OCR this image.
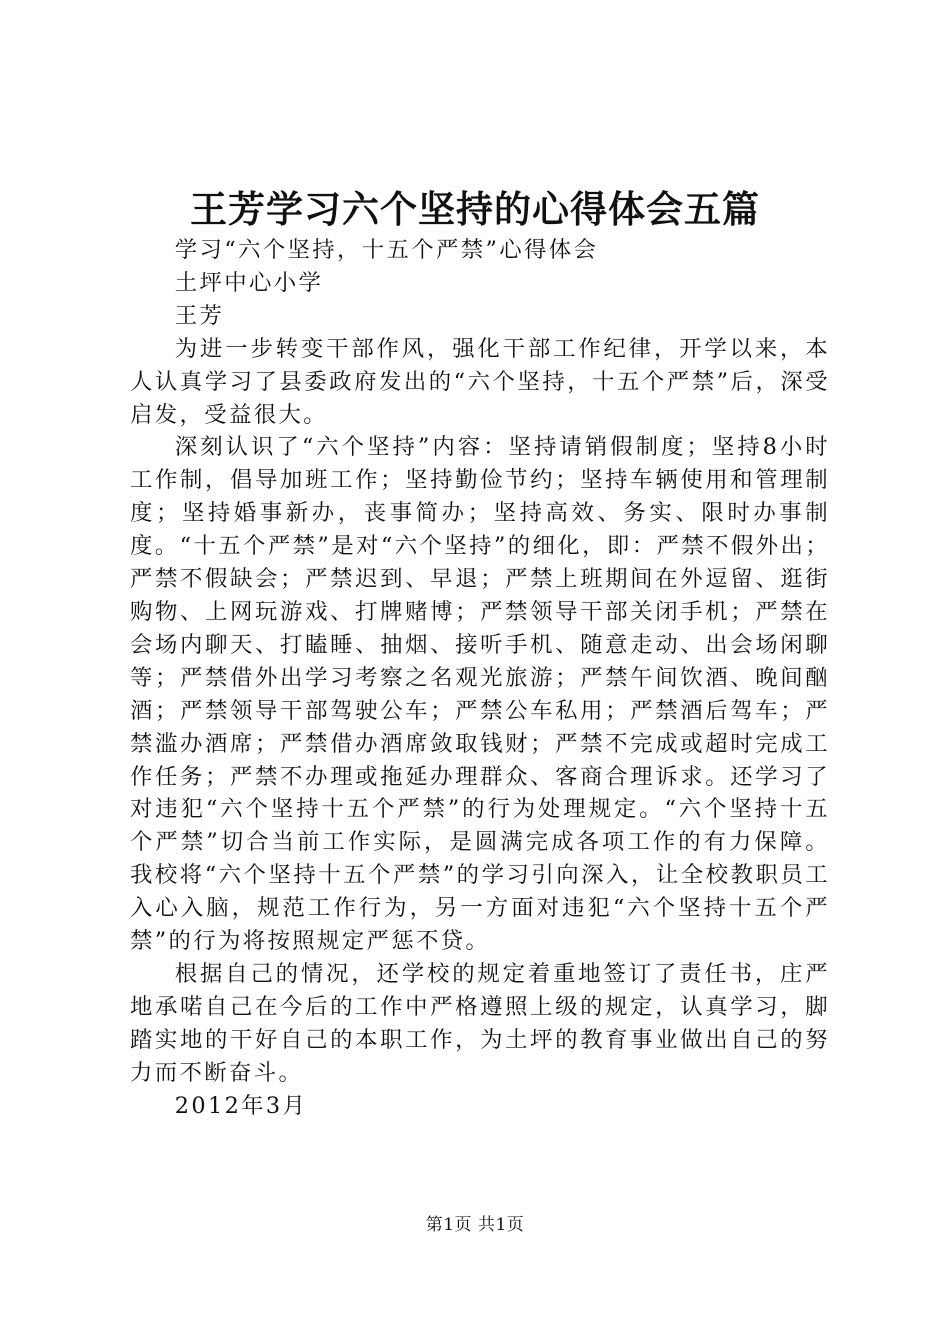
王芳学习六个坚持的心得体会五篇

学习“六个坚持，十五个严禁”心得体会

土坪中心小学

王芳

为进一步转变干部作风，强化干部工作纪律，开学以来，本人认真学习了县委政府发出的“六个坚持，十五个严禁”后，深受启发，受益很大。

深刻认识了“六个坚持”内容：坚持请销假制度；坚持8小时工作制，倡导加班工作；坚持勤俭节约；坚持车辆使用和管理制度；坚持婚事新办，丧事简办；坚持高效、务实、限时办事制度。“十五个严禁”是对“六个坚持”的细化，即：严禁不假外出；严禁不假缺会；严禁迟到、早退；严禁上班期间在外逗留、逛街购物、上网玩游戏、打牌赌博；严禁领导干部关闭手机；严禁在会场内聊天、打瞌睡、抽烟、接听手机、随意走动、出会场闲聊等；严禁借外出学习考察之名观光旅游；严禁午间饮酒、晚间酗酒；严禁领导干部驾驶公车；严禁公车私用；严禁酒后驾车；严禁滥办酒席；严禁借办酒席敛取钱财；严禁不完成或超时完成工作任务；严禁不办理或拖延办理群众、客商合理诉求。还学习了对违犯“六个坚持十五个严禁”的行为处理规定。“六个坚持十五个严禁”切合当前工作实际，是圆满完成各项工作的有力保障。我校将“六个坚持十五个严禁”的学习引向深入，让全校教职员工入心入脑，规范工作行为，另一方面对违犯“六个坚持十五个严禁”的行为将按照规定严惩不贷。

根据自己的情况，还学校的规定着重地签订了责任书，庄严地承喏自己在今后的工作中严格遵照上级的规定，认真学习，脚踏实地的干好自己的本职工作，为土坪的教育事业做出自己的努力而不断奋斗。

2012年3月

第1页 共1页
